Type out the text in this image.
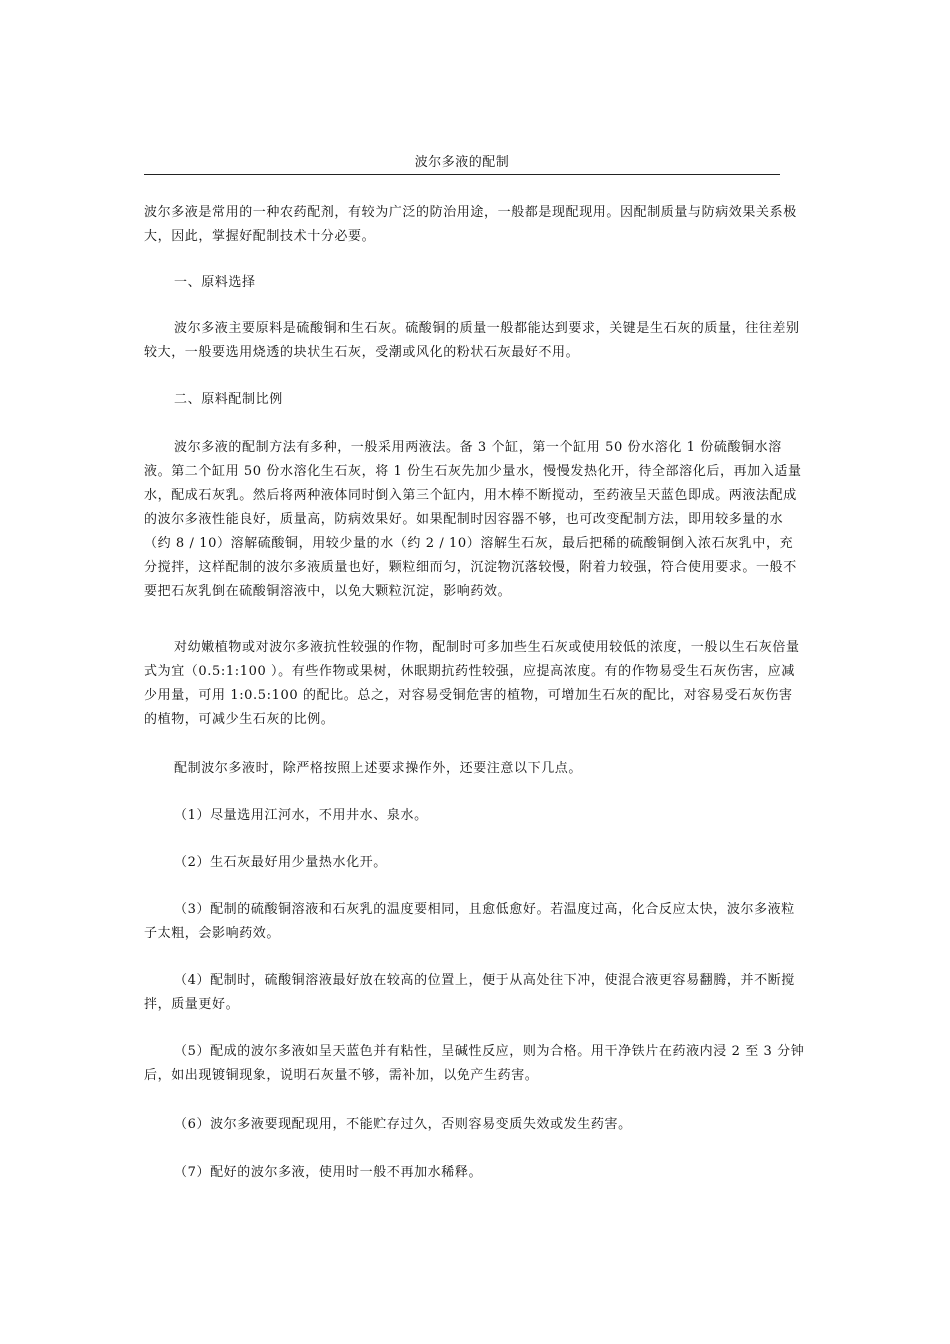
波尔多液的配制

波尔多液是常用的一种农药配剂，有较为广泛的防治用途，一般都是现配现用。因配制质量与防病效果关系极大，因此，掌握好配制技术十分必要。

一、原料选择

波尔多液主要原料是硫酸铜和生石灰。硫酸铜的质量一般都能达到要求，关键是生石灰的质量，往往差别较大，一般要选用烧透的块状生石灰，受潮或风化的粉状石灰最好不用。

二、原料配制比例

波尔多液的配制方法有多种，一般采用两液法。备 3 个缸，第一个缸用 50 份水溶化 1 份硫酸铜水溶液。第二个缸用 50 份水溶化生石灰，将 1 份生石灰先加少量水，慢慢发热化开，待全部溶化后，再加入适量水，配成石灰乳。然后将两种液体同时倒入第三个缸内，用木棒不断搅动，至药液呈天蓝色即成。两液法配成的波尔多液性能良好，质量高，防病效果好。如果配制时因容器不够，也可改变配制方法，即用较多量的水（约 8 / 10）溶解硫酸铜，用较少量的水（约 2 / 10）溶解生石灰，最后把稀的硫酸铜倒入浓石灰乳中，充分搅拌，这样配制的波尔多液质量也好，颗粒细而匀，沉淀物沉落较慢，附着力较强，符合使用要求。一般不要把石灰乳倒在硫酸铜溶液中，以免大颗粒沉淀，影响药效。

对幼嫩植物或对波尔多液抗性较强的作物，配制时可多加些生石灰或使用较低的浓度，一般以生石灰倍量式为宜（0.5:1:100 ）。有些作物或果树，休眠期抗药性较强，应提高浓度。有的作物易受生石灰伤害，应减少用量，可用 1:0.5:100 的配比。总之，对容易受铜危害的植物，可增加生石灰的配比，对容易受石灰伤害的植物，可减少生石灰的比例。

配制波尔多液时，除严格按照上述要求操作外，还要注意以下几点。

（1）尽量选用江河水，不用井水、泉水。

（2）生石灰最好用少量热水化开。

（3）配制的硫酸铜溶液和石灰乳的温度要相同，且愈低愈好。若温度过高，化合反应太快，波尔多液粒子太粗，会影响药效。

（4）配制时，硫酸铜溶液最好放在较高的位置上，便于从高处往下冲，使混合液更容易翻腾，并不断搅拌，质量更好。

（5）配成的波尔多液如呈天蓝色并有粘性，呈碱性反应，则为合格。用干净铁片在药液内浸 2 至 3 分钟后，如出现镀铜现象，说明石灰量不够，需补加，以免产生药害。

（6）波尔多液要现配现用，不能贮存过久，否则容易变质失效或发生药害。

（7）配好的波尔多液，使用时一般不再加水稀释。
